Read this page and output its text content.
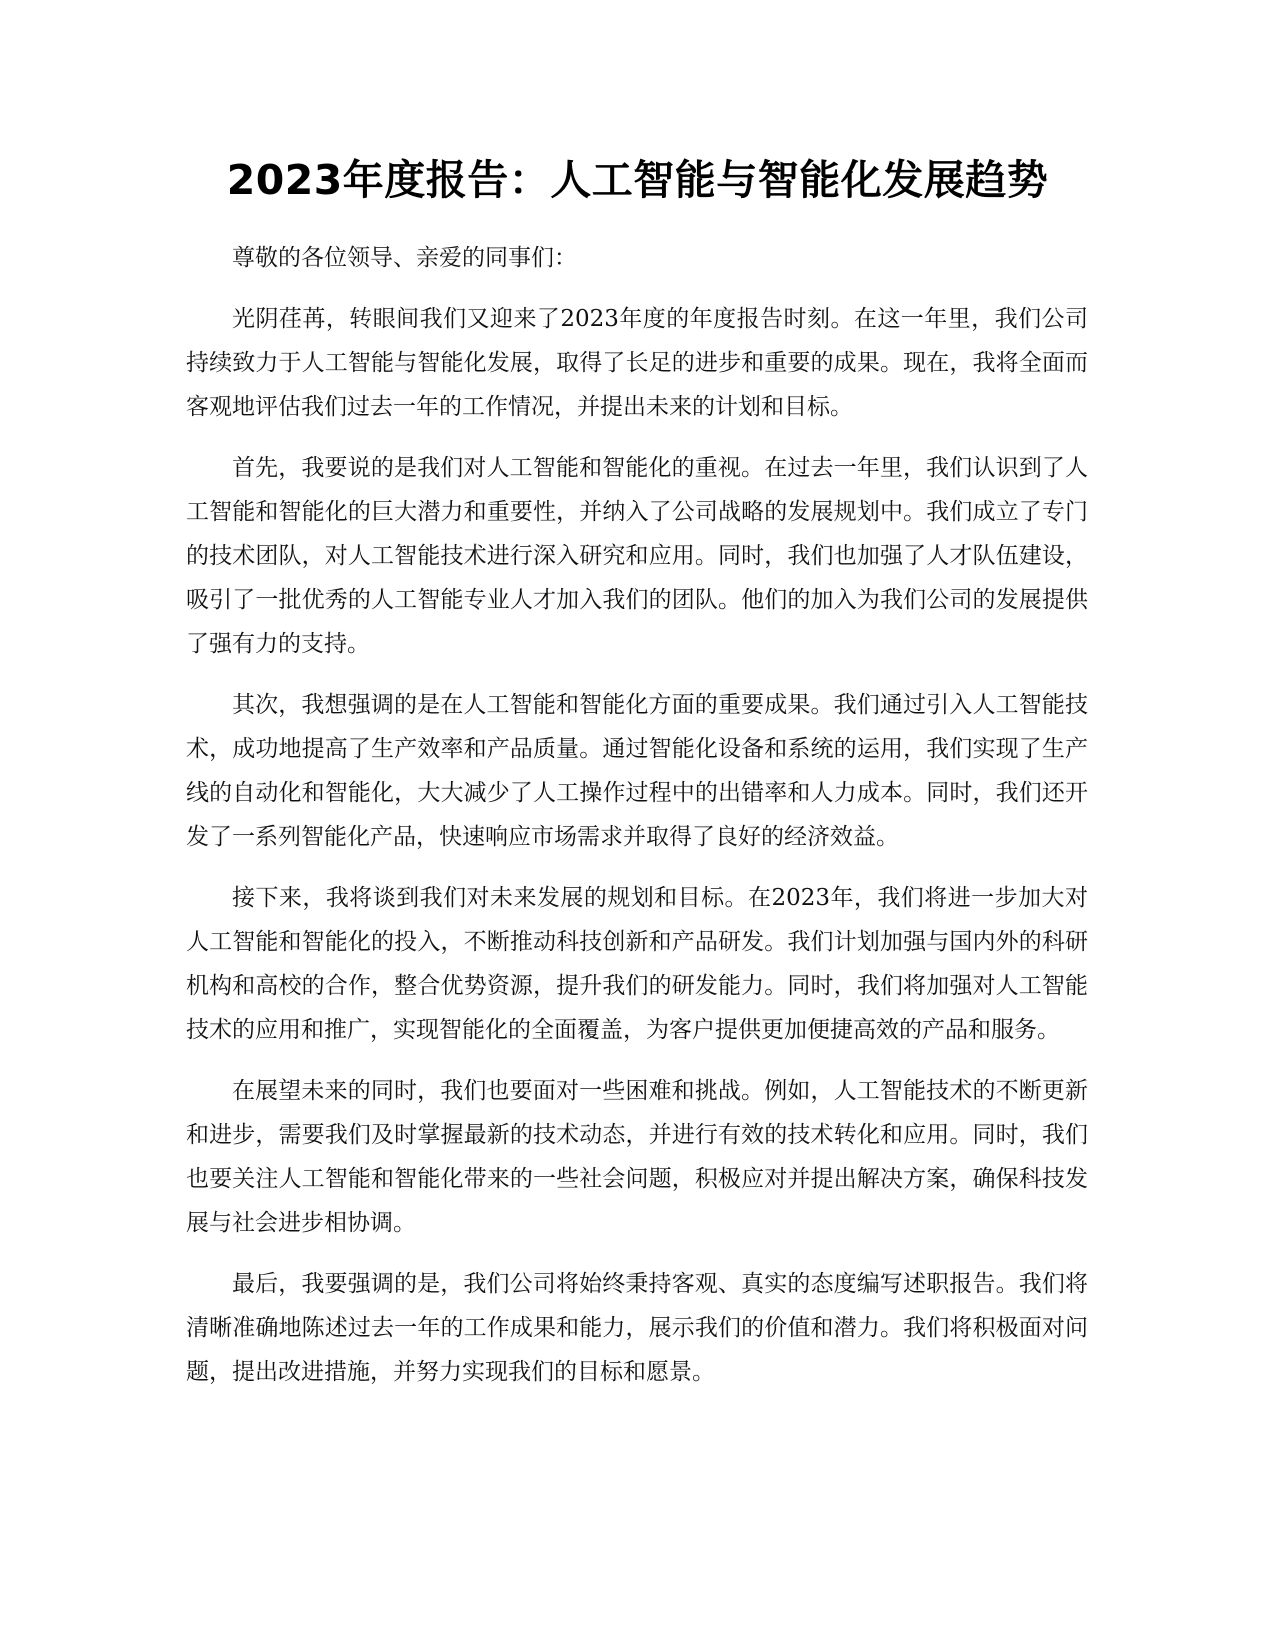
2023年度报告：人工智能与智能化发展趋势

尊敬的各位领导、亲爱的同事们：

光阴荏苒，转眼间我们又迎来了2023年度的年度报告时刻。在这一年里，我们公司持续致力于人工智能与智能化发展，取得了长足的进步和重要的成果。现在，我将全面而客观地评估我们过去一年的工作情况，并提出未来的计划和目标。

首先，我要说的是我们对人工智能和智能化的重视。在过去一年里，我们认识到了人工智能和智能化的巨大潜力和重要性，并纳入了公司战略的发展规划中。我们成立了专门的技术团队，对人工智能技术进行深入研究和应用。同时，我们也加强了人才队伍建设，吸引了一批优秀的人工智能专业人才加入我们的团队。他们的加入为我们公司的发展提供了强有力的支持。

其次，我想强调的是在人工智能和智能化方面的重要成果。我们通过引入人工智能技术，成功地提高了生产效率和产品质量。通过智能化设备和系统的运用，我们实现了生产线的自动化和智能化，大大减少了人工操作过程中的出错率和人力成本。同时，我们还开发了一系列智能化产品，快速响应市场需求并取得了良好的经济效益。

接下来，我将谈到我们对未来发展的规划和目标。在2023年，我们将进一步加大对人工智能和智能化的投入，不断推动科技创新和产品研发。我们计划加强与国内外的科研机构和高校的合作，整合优势资源，提升我们的研发能力。同时，我们将加强对人工智能技术的应用和推广，实现智能化的全面覆盖，为客户提供更加便捷高效的产品和服务。

在展望未来的同时，我们也要面对一些困难和挑战。例如，人工智能技术的不断更新和进步，需要我们及时掌握最新的技术动态，并进行有效的技术转化和应用。同时，我们也要关注人工智能和智能化带来的一些社会问题，积极应对并提出解决方案，确保科技发展与社会进步相协调。

最后，我要强调的是，我们公司将始终秉持客观、真实的态度编写述职报告。我们将清晰准确地陈述过去一年的工作成果和能力，展示我们的价值和潜力。我们将积极面对问题，提出改进措施，并努力实现我们的目标和愿景。
